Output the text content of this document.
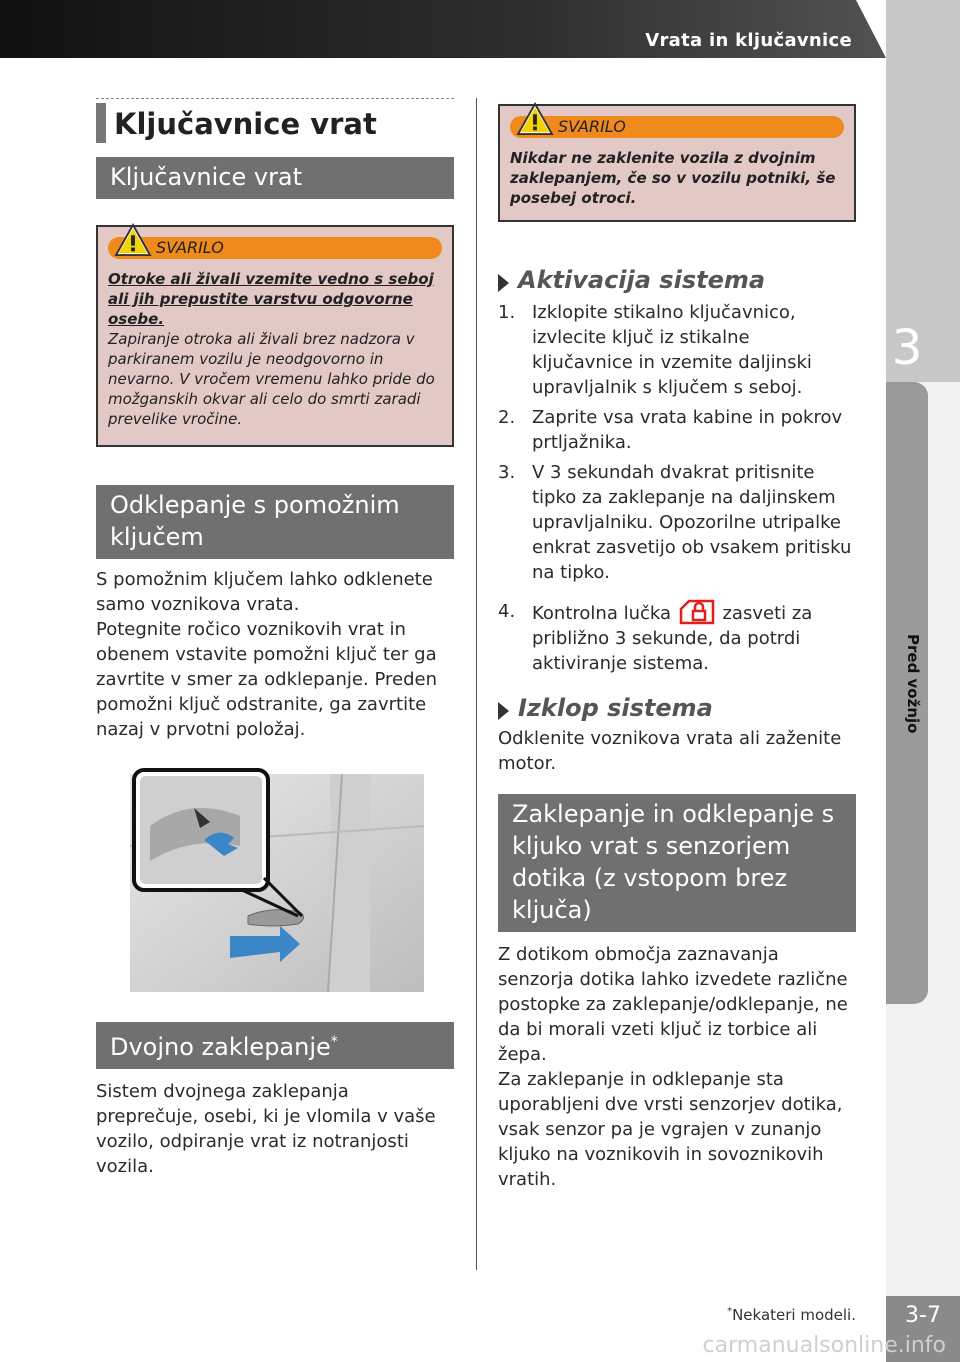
Vrata in ključavnice
3
Pred vožnjo
Ključavnice vrat
Ključavnice vrat
SVARILO

Otroke ali živali vzemite vedno s seboj ali jih prepustite varstvu odgovorne osebe.

Zapiranje otroka ali živali brez nadzora v parkiranem vozilu je neodgovorno in nevarno. V vročem vremenu lahko pride do možganskih okvar ali celo do smrti zaradi prevelike vročine.

Odklepanje s pomožnim ključem

S pomožnim ključem lahko odklenete samo voznikova vrata.

Potegnite ročico voznikovih vrat in obenem vstavite pomožni ključ ter ga zavrtite v smer za odklepanje. Preden pomožni ključ odstranite, ga zavrtite nazaj v prvotni položaj.

Dvojno zaklepanje*

Sistem dvojnega zaklepanja preprečuje, osebi, ki je vlomila v vaše vozilo, odpiranje vrat iz notranjosti vozila.

SVARILO

Nikdar ne zaklenite vozila z dvojnim zaklepanjem, če so v vozilu potniki, še posebej otroci.

Aktivacija sistema
1. Izklopite stikalno ključavnico, izvlecite ključ iz stikalne ključavnice in vzemite daljinski upravljalnik s ključem s seboj.
2. Zaprite vsa vrata kabine in pokrov prtljažnika.
3. V 3 sekundah dvakrat pritisnite tipko za zaklepanje na daljinskem upravljalniku. Opozorilne utripalke enkrat zasvetijo ob vsakem pritisku na tipko.
4. Kontrolna lučka	zasveti za približno 3 sekunde, da potrdi aktiviranje sistema.
Izklop sistema

Odklenite voznikova vrata ali zaženite motor.

Zaklepanje in odklepanje s kljuko vrat s senzorjem dotika (z vstopom brez ključa)

Z dotikom območja zaznavanja senzorja dotika lahko izvedete različne postopke za zaklepanje/odklepanje, ne da bi morali vzeti ključ iz torbice ali žepa.

Za zaklepanje in odklepanje sta uporabljeni dve vrsti senzorjev dotika, vsak senzor pa je vgrajen v zunanjo kljuko na voznikovih in sovoznikovih vratih.

*Nekateri modeli.	3-7
carmanualsonline.info
